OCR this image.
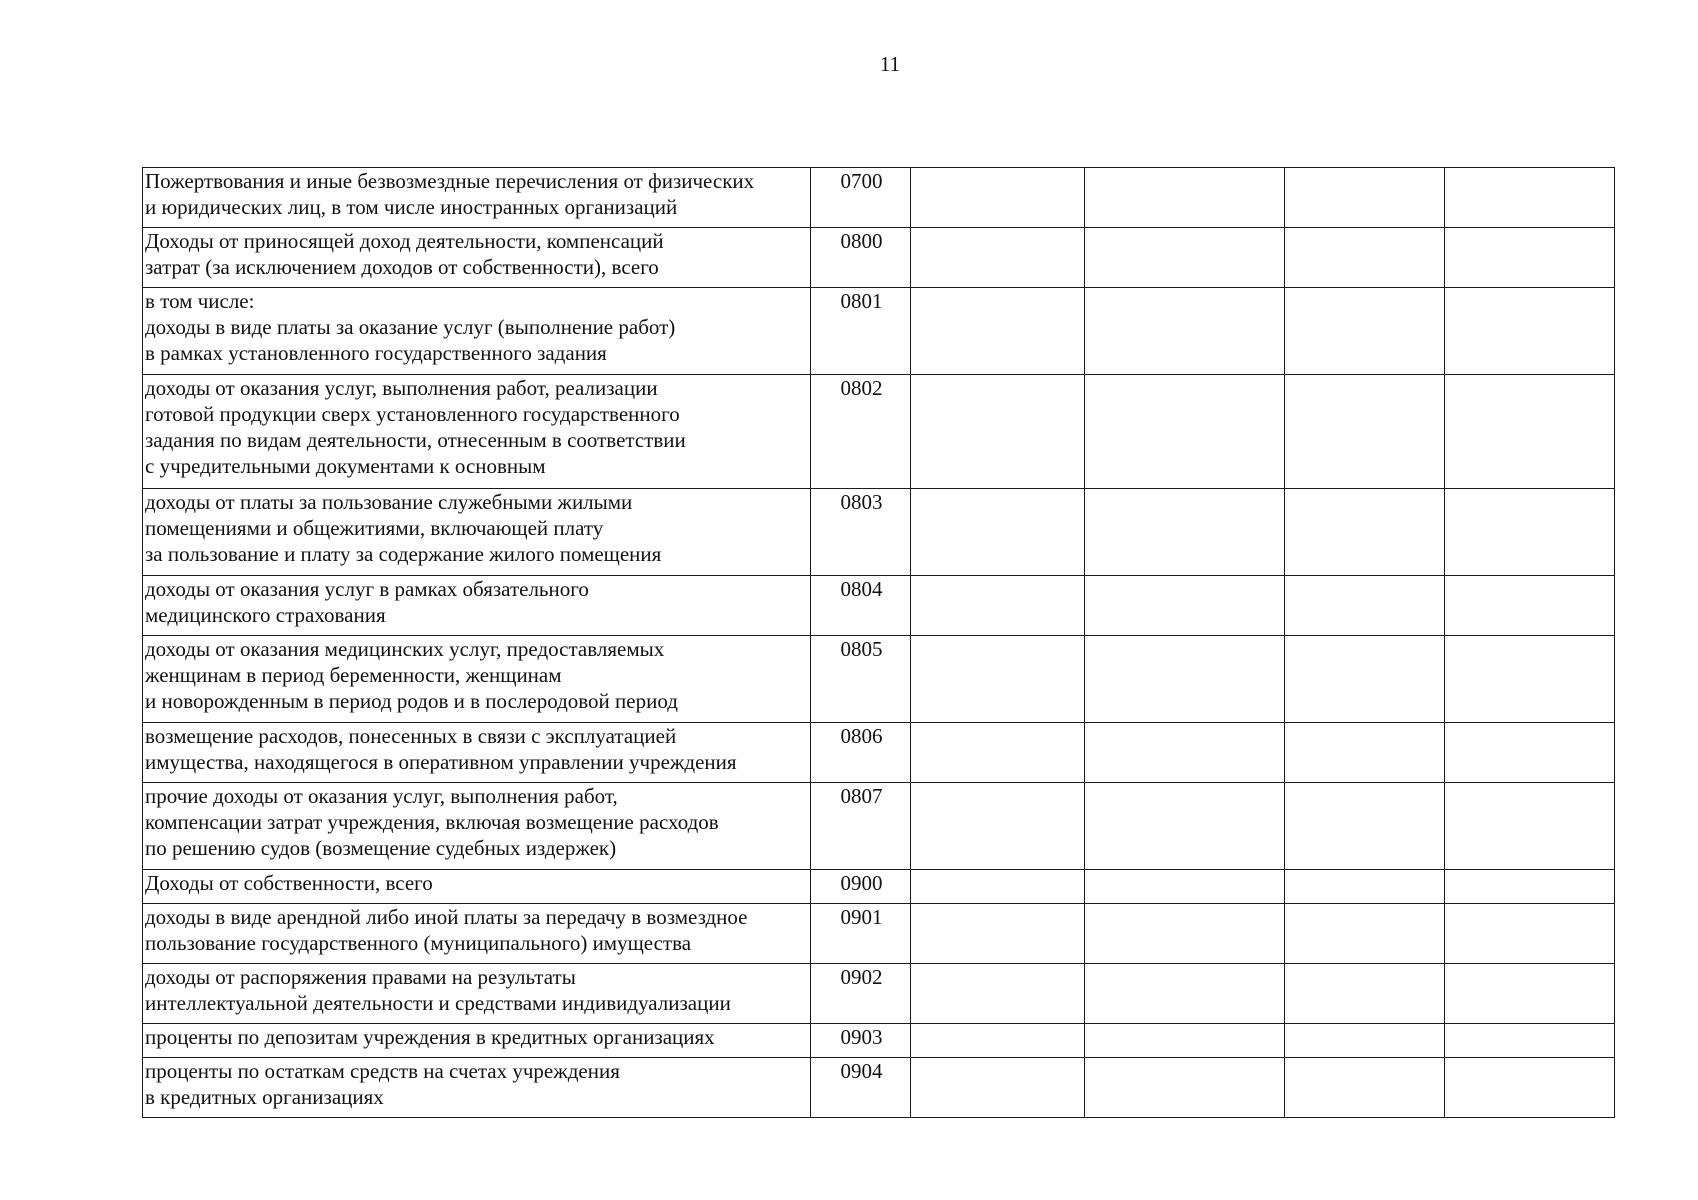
11
Пожертвования и иные безвозмездные перечисления от физических
и юридических лиц, в том числе иностранных организаций	0700				

Доходы от приносящей доход деятельности, компенсаций
затрат (за исключением доходов от собственности), всего	0800				

в том числе:
доходы в виде платы за оказание услуг (выполнение работ)
в рамках установленного государственного задания	0801				

доходы от оказания услуг, выполнения работ, реализации
готовой продукции сверх установленного государственного
задания по видам деятельности, отнесенным в соответствии
с учредительными документами к основным	0802				

доходы от платы за пользование служебными жилыми
помещениями и общежитиями, включающей плату
за пользование и плату за содержание жилого помещения	0803				

доходы от оказания услуг в рамках обязательного
медицинского страхования	0804				

доходы от оказания медицинских услуг, предоставляемых
женщинам в период беременности, женщинам
и новорожденным в период родов и в послеродовой период	0805				

возмещение расходов, понесенных в связи с эксплуатацией
имущества, находящегося в оперативном управлении учреждения	0806				

прочие доходы от оказания услуг, выполнения работ,
компенсации затрат учреждения, включая возмещение расходов
по решению судов (возмещение судебных издержек)	0807				

Доходы от собственности, всего	0900				

доходы в виде арендной либо иной платы за передачу в возмездное
пользование государственного (муниципального) имущества	0901				

доходы от распоряжения правами на результаты
интеллектуальной деятельности и средствами индивидуализации	0902				

проценты по депозитам учреждения в кредитных организациях	0903				

проценты по остаткам средств на счетах учреждения
в кредитных организациях	0904				
